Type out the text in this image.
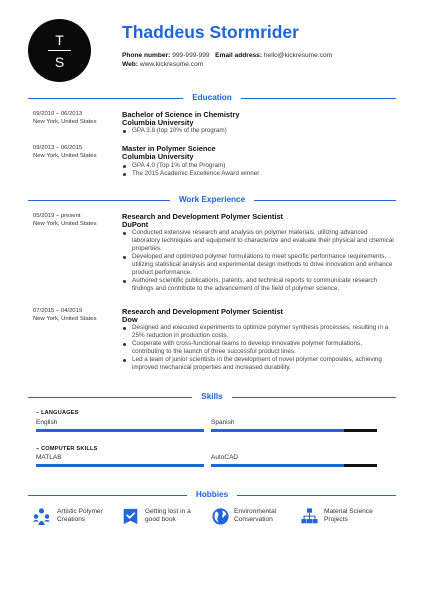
T
S
Thaddeus Stormrider
Phone number: 999-999-999 Email address: hello@kickresume.com
Web: www.kickresume.com
Education
09/2010 – 06/2013
New York, United States
Bachelor of Science in Chemistry
Columbia University
GPA 3.8 (top 10% of the program)
09/2013 – 06/2015
New York, United States
Master in Polymer Science
Columbia University
GPA 4.0 (Top 1% of the Program)
The 2015 Academic Excellence Award winner
Work Experience
05/2019 – present
New York, United States
Research and Development Polymer Scientist
DuPont
Conducted extensive research and analysis on polymer materials, utilizing advanced laboratory techniques and equipment to characterize and evaluate their physical and chemical properties.
Developed and optimized polymer formulations to meet specific performance requirements, utilizing statistical analysis and experimental design methods to drive innovation and enhance product performance.
Authored scientific publications, patents, and technical reports to communicate research findings and contribute to the advancement of the field of polymer science.
07/2015 – 04/2019
New York, United States
Research and Development Polymer Scientist
Dow
Designed and executed experiments to optimize polymer synthesis processes, resulting in a 25% reduction in production costs.
Cooperate with cross-functional teams to develop innovative polymer formulations, contributing to the launch of three successful product lines.
Led a team of junior scientists in the development of novel polymer composites, achieving improved mechanical properties and increased durability.
Skills
– LANGUAGES
English	Spanish
– COMPUTER SKILLS
MATLAB	AutoCAD
Hobbies
Artistic Polymer
Creations
Getting lost in a
good book
Environmental
Conservation
Material Science
Projects
